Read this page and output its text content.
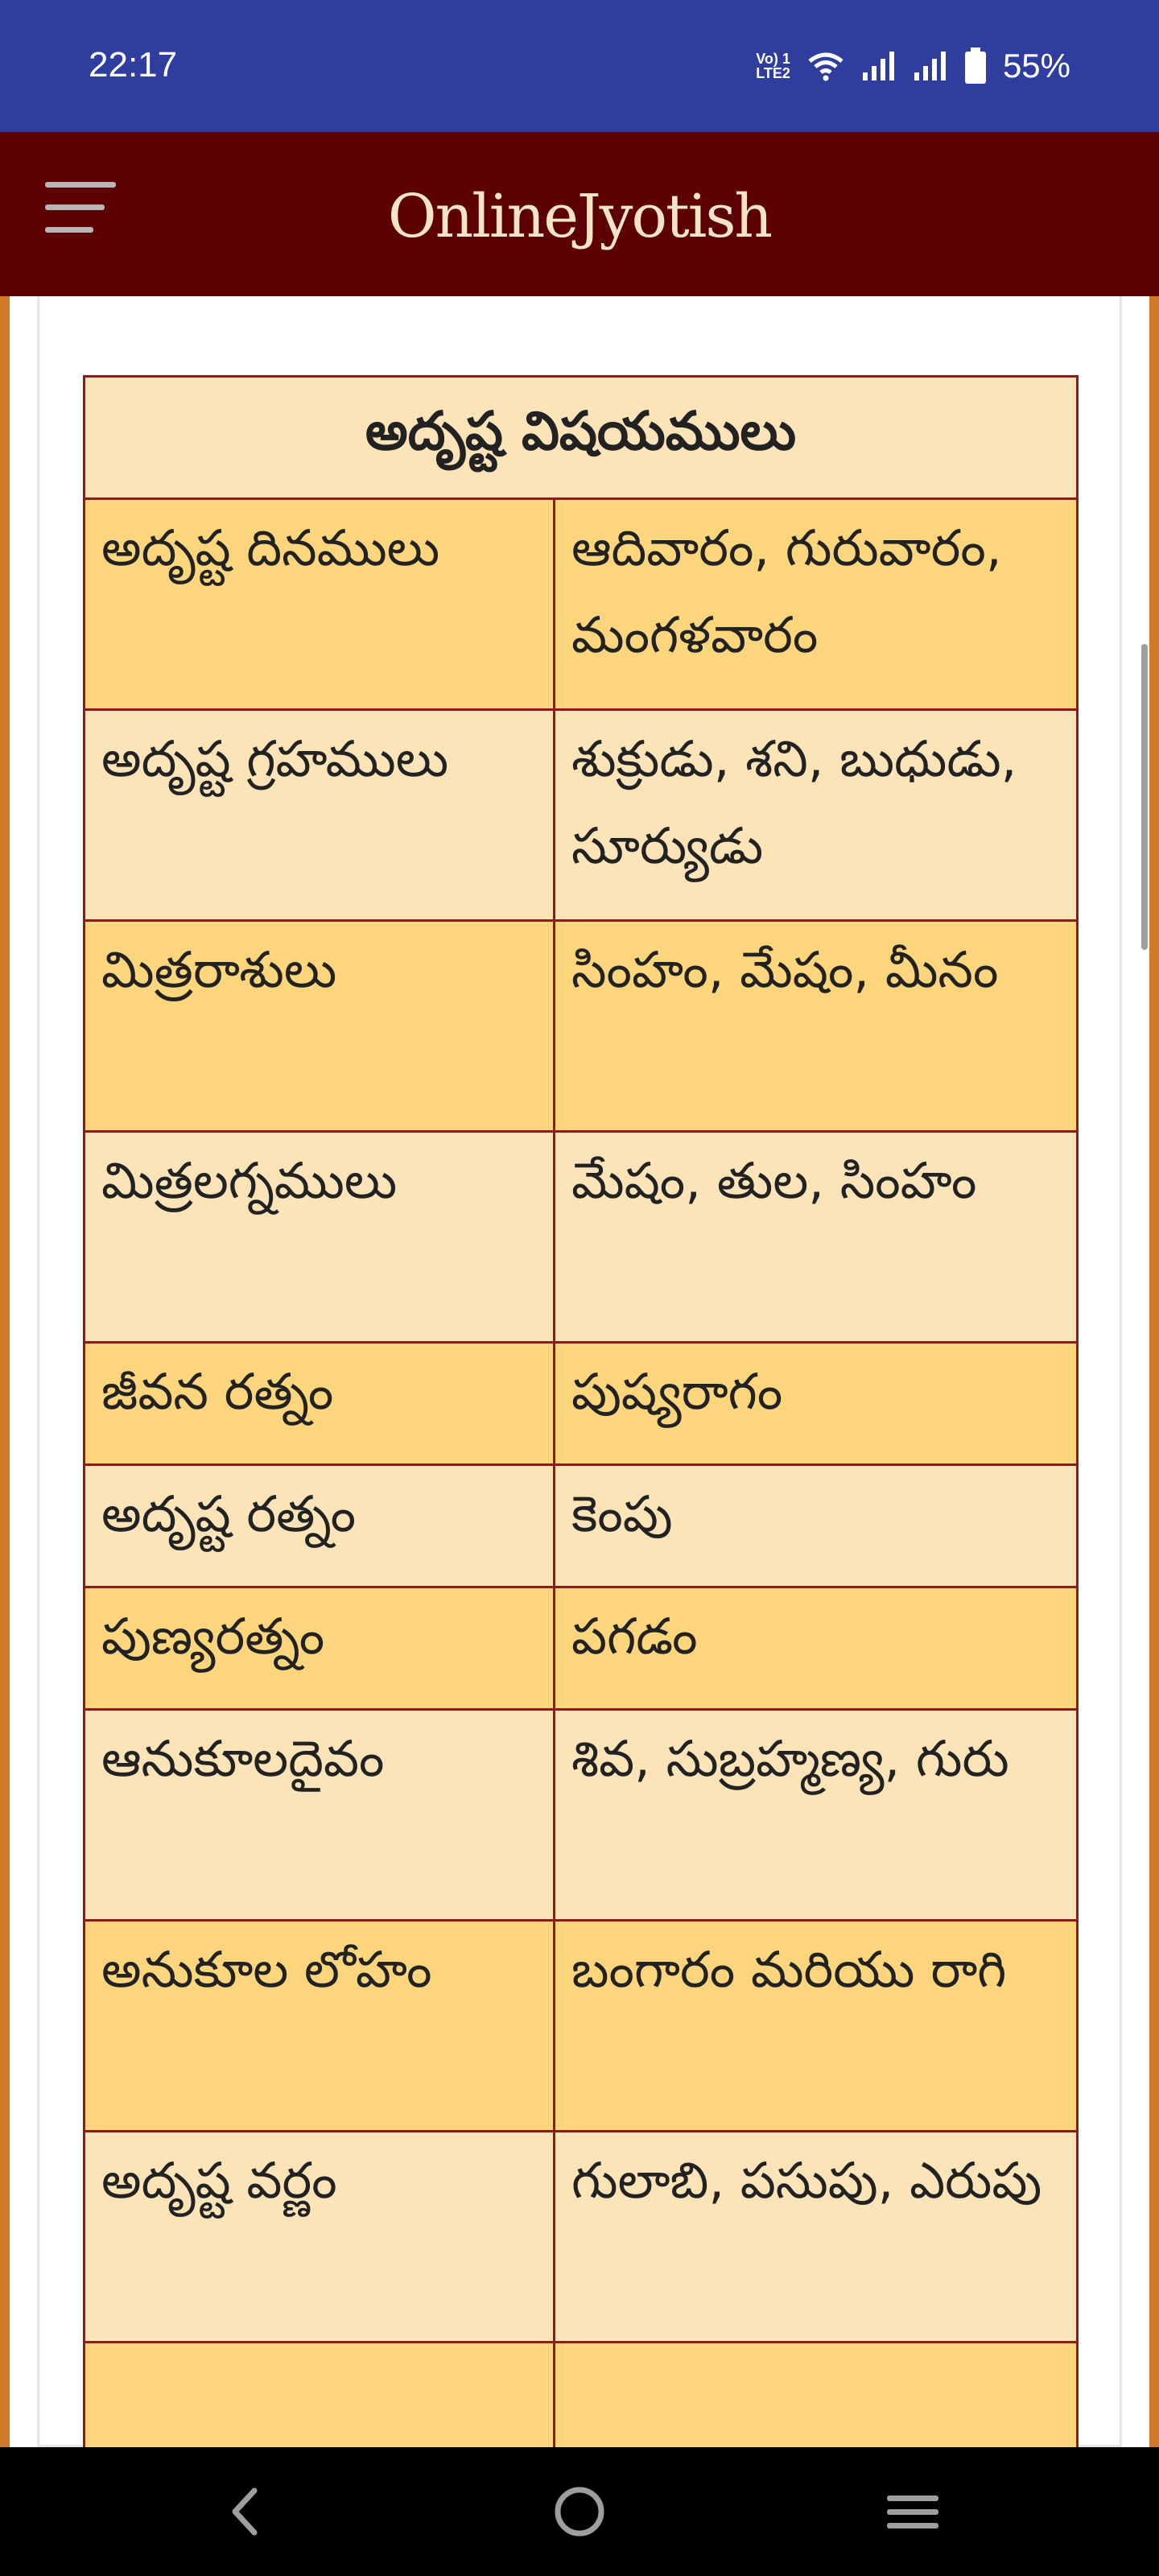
22:17	Vo) 1
LTE2	55%
OnlineJyotish
అదృష్ట విషయములు	
అదృష్ట దినములు	ఆదివారం, గురువారం, మంగళవారం
అదృష్ట గ్రహములు	శుక్రుడు, శని, బుధుడు, సూర్యుడు
మిత్రరాశులు	సింహం, మేషం, మీనం
మిత్రలగ్నములు	మేషం, తుల, సింహం
జీవన రత్నం	పుష్యరాగం
అదృష్ట రత్నం	కెంపు
పుణ్యరత్నం	పగడం
ఆనుకూలదైవం	శివ, సుబ్రహ్మణ్య, గురు
అనుకూల లోహం	బంగారం మరియు రాగి
అదృష్ట వర్ణం	గులాబి, పసుపు, ఎరుపు
